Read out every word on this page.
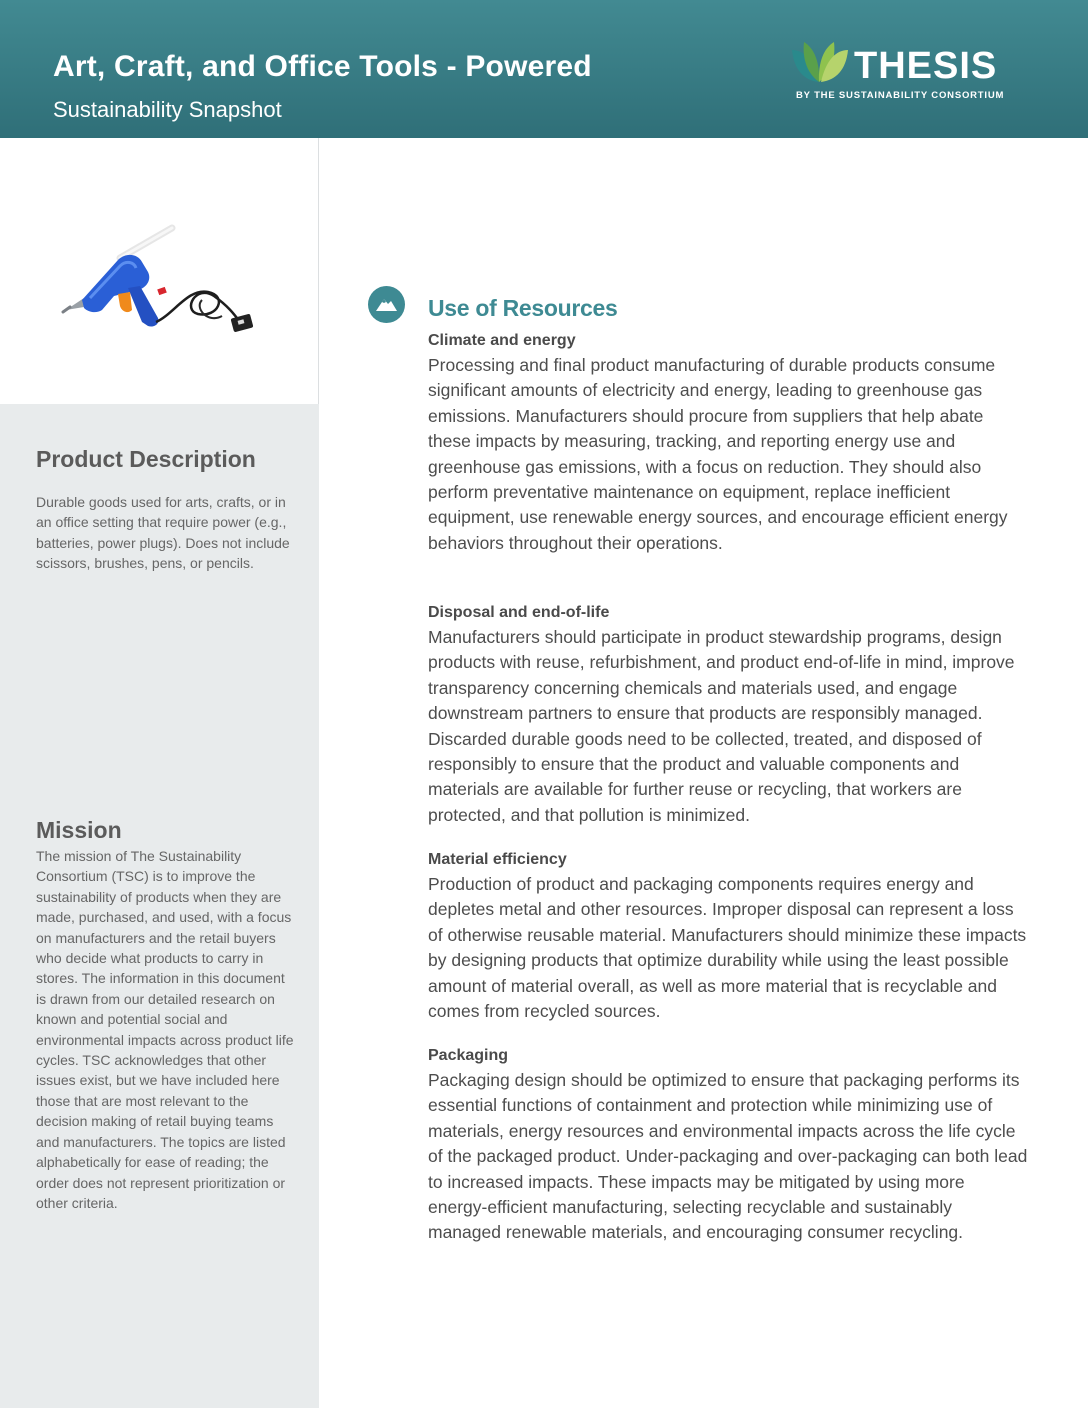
Art, Craft, and Office Tools - Powered
Sustainability Snapshot
THESIS
BY THE SUSTAINABILITY CONSORTIUM
Product Description

Durable goods used for arts, crafts, or in an office setting that require power (e.g., batteries, power plugs). Does not include scissors, brushes, pens, or pencils.

Mission

The mission of The Sustainability Consortium (TSC) is to improve the sustainability of products when they are made, purchased, and used, with a focus on manufacturers and the retail buyers who decide what products to carry in stores. The information in this document is drawn from our detailed research on known and potential social and environmental impacts across product life cycles. TSC acknowledges that other issues exist, but we have included here those that are most relevant to the decision making of retail buying teams and manufacturers. The topics are listed alphabetically for ease of reading; the order does not represent prioritization or other criteria.

Use of Resources
Climate and energy

Processing and final product manufacturing of durable products consume significant amounts of electricity and energy, leading to greenhouse gas emissions. Manufacturers should procure from suppliers that help abate these impacts by measuring, tracking, and reporting energy use and greenhouse gas emissions, with a focus on reduction. They should also perform preventative maintenance on equipment, replace inefficient equipment, use renewable energy sources, and encourage efficient energy behaviors throughout their operations.

Disposal and end-of-life

Manufacturers should participate in product stewardship programs, design products with reuse, refurbishment, and product end-of-life in mind, improve transparency concerning chemicals and materials used, and engage downstream partners to ensure that products are responsibly managed. Discarded durable goods need to be collected, treated, and disposed of responsibly to ensure that the product and valuable components and materials are available for further reuse or recycling, that workers are protected, and that pollution is minimized.

Material efficiency

Production of product and packaging components requires energy and depletes metal and other resources. Improper disposal can represent a loss of otherwise reusable material. Manufacturers should minimize these impacts by designing products that optimize durability while using the least possible amount of material overall, as well as more material that is recyclable and comes from recycled sources.

Packaging

Packaging design should be optimized to ensure that packaging performs its essential functions of containment and protection while minimizing use of materials, energy resources and environmental impacts across the life cycle of the packaged product. Under-packaging and over-packaging can both lead to increased impacts. These impacts may be mitigated by using more energy-efficient manufacturing, selecting recyclable and sustainably managed renewable materials, and encouraging consumer recycling.
